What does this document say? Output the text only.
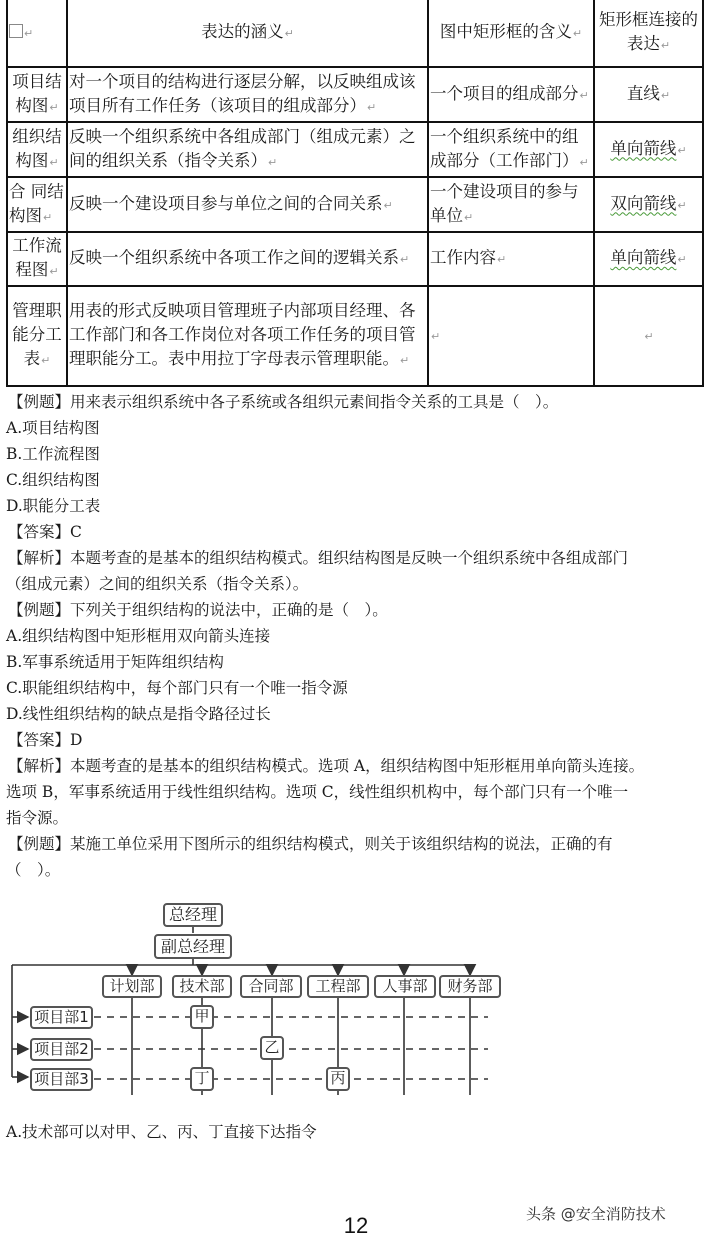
↵	表达的涵义↵	图中矩形框的含义↵	矩形框连接的表达↵
项目结构图↵	对一个项目的结构进行逐层分解，以反映组成该项目所有工作任务（该项目的组成部分）↵	一个项目的组成部分↵	直线↵
组织结构图↵	反映一个组织系统中各组成部门（组成元素）之间的组织关系（指令关系）↵	一个组织系统中的组成部分（工作部门）↵	单向箭线↵
合 同结构图↵	反映一个建设项目参与单位之间的合同关系↵	一个建设项目的参与单位↵	双向箭线↵
工作流程图↵	反映一个组织系统中各项工作之间的逻辑关系↵	工作内容↵	单向箭线↵
管理职能分工表↵	用表的形式反映项目管理班子内部项目经理、各工作部门和各工作岗位对各项工作任务的项目管理职能分工。表中用拉丁字母表示管理职能。↵	↵	↵
【例题】用来表示组织系统中各子系统或各组织元素间指令关系的工具是（　）。
A.项目结构图
B.工作流程图
C.组织结构图
D.职能分工表
【答案】C
【解析】本题考查的是基本的组织结构模式。组织结构图是反映一个组织系统中各组成部门
（组成元素）之间的组织关系（指令关系）。
【例题】下列关于组织结构的说法中，正确的是（　）。
A.组织结构图中矩形框用双向箭头连接
B.军事系统适用于矩阵组织结构
C.职能组织结构中，每个部门只有一个唯一指令源
D.线性组织结构的缺点是指令路径过长
【答案】D
【解析】本题考查的是基本的组织结构模式。选项 A，组织结构图中矩形框用单向箭头连接。
选项 B，军事系统适用于线性组织结构。选项 C，线性组织机构中，每个部门只有一个唯一
指令源。
【例题】某施工单位采用下图所示的组织结构模式，则关于该组织结构的说法，正确的有
（　）。
总经理
副总经理
计划部	技术部	合同部	工程部	人事部	财务部
项目部1
项目部2
项目部3
甲
乙
丙
丁
A.技术部可以对甲、乙、丙、丁直接下达指令
12	头条 @安全消防技术
